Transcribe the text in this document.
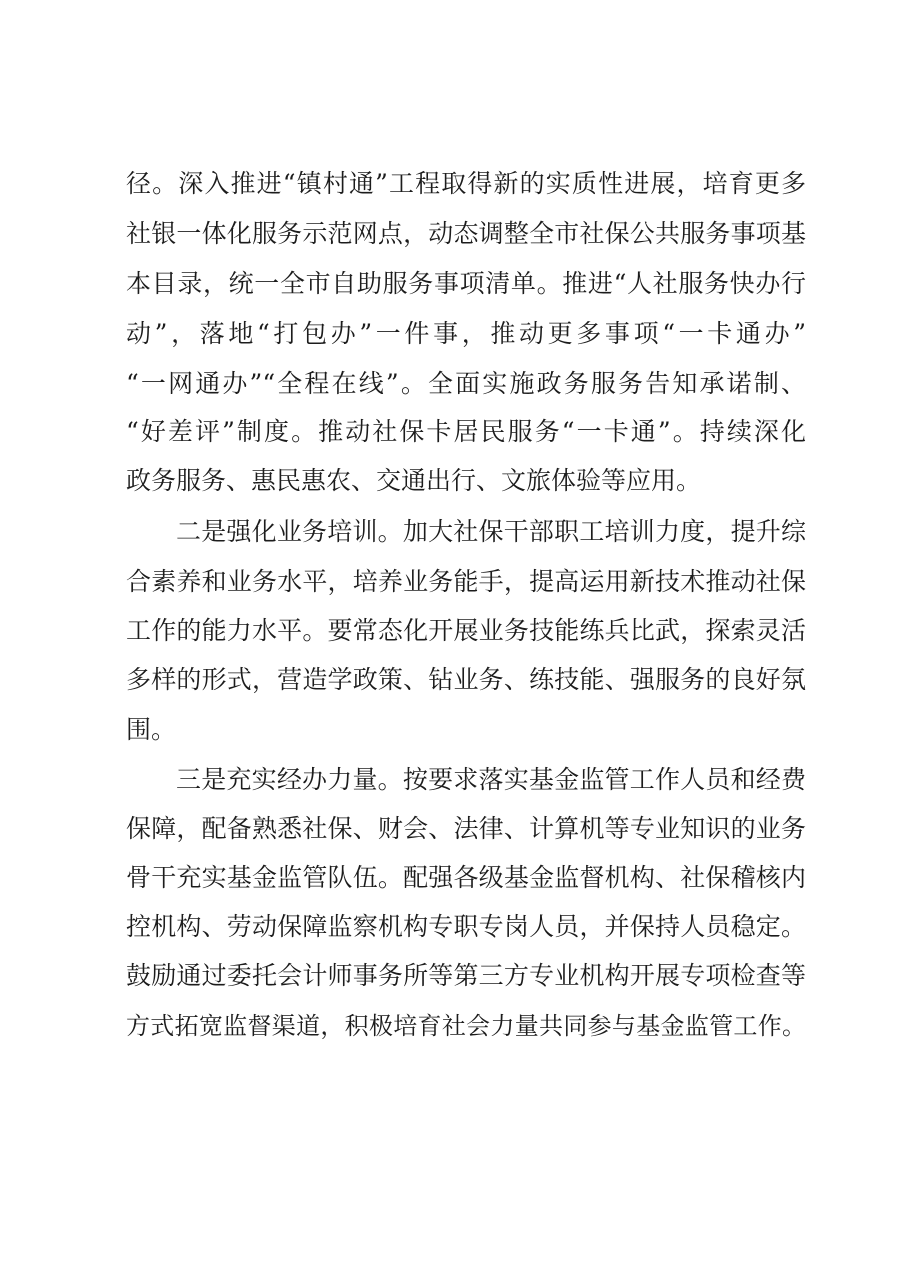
径。深入推进“镇村通”工程取得新的实质性进展，培育更多
社银一体化服务示范网点，动态调整全市社保公共服务事项基
本目录，统一全市自助服务事项清单。推进“人社服务快办行
动”，落地“打包办”一件事，推动更多事项“一卡通办”
“一网通办”“全程在线”。全面实施政务服务告知承诺制、
“好差评”制度。推动社保卡居民服务“一卡通”。持续深化
政务服务、惠民惠农、交通出行、文旅体验等应用。
二是强化业务培训。加大社保干部职工培训力度，提升综
合素养和业务水平，培养业务能手，提高运用新技术推动社保
工作的能力水平。要常态化开展业务技能练兵比武，探索灵活
多样的形式，营造学政策、钻业务、练技能、强服务的良好氛
围。
三是充实经办力量。按要求落实基金监管工作人员和经费
保障，配备熟悉社保、财会、法律、计算机等专业知识的业务
骨干充实基金监管队伍。配强各级基金监督机构、社保稽核内
控机构、劳动保障监察机构专职专岗人员，并保持人员稳定。
鼓励通过委托会计师事务所等第三方专业机构开展专项检查等
方式拓宽监督渠道，积极培育社会力量共同参与基金监管工作。
